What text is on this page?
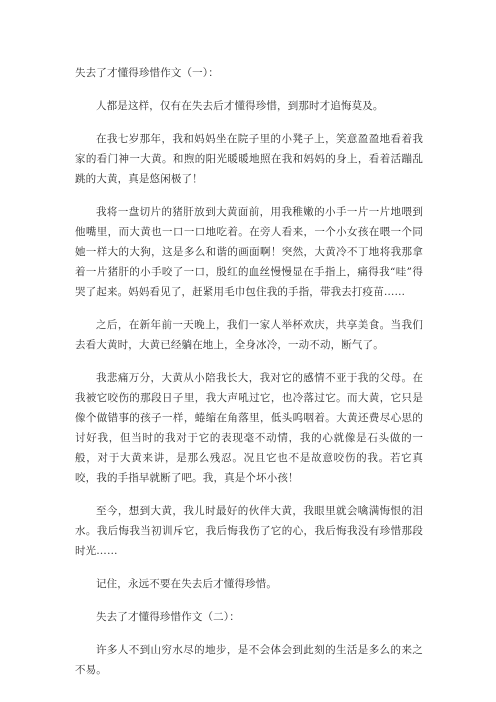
失去了才懂得珍惜作文（一）：

人都是这样，仅有在失去后才懂得珍惜，到那时才追悔莫及。

在我七岁那年，我和妈妈坐在院子里的小凳子上，笑意盈盈地看着我家的看门神一大黄。和煦的阳光暖暖地照在我和妈妈的身上，看着活蹦乱跳的大黄，真是悠闲极了！

我将一盘切片的猪肝放到大黄面前，用我稚嫩的小手一片一片地喂到他嘴里，而大黄也一口一口地吃着。在旁人看来，一个小女孩在喂一个同她一样大的大狗，这是多么和谐的画面啊！突然，大黄冷不丁地将我那拿着一片猪肝的小手咬了一口，殷红的血丝慢慢显在手指上，痛得我“哇”得哭了起来。妈妈看见了，赶紧用毛巾包住我的手指，带我去打疫苗……

之后，在新年前一天晚上，我们一家人举杯欢庆，共享美食。当我们去看大黄时，大黄已经躺在地上，全身冰冷，一动不动，断气了。

我悲痛万分，大黄从小陪我长大，我对它的感情不亚于我的父母。在我被它咬伤的那段日子里，我大声吼过它，也冷落过它。而大黄，它只是像个做错事的孩子一样，蜷缩在角落里，低头呜咽着。大黄还费尽心思的讨好我，但当时的我对于它的表现毫不动情，我的心就像是石头做的一般，对于大黄来讲，是那么残忍。况且它也不是故意咬伤的我。若它真咬，我的手指早就断了吧。我，真是个坏小孩！

至今，想到大黄，我儿时最好的伙伴大黄，我眼里就会噙满悔恨的泪水。我后悔我当初训斥它，我后悔我伤了它的心，我后悔我没有珍惜那段时光……

记住，永远不要在失去后才懂得珍惜。

失去了才懂得珍惜作文（二）：

许多人不到山穷水尽的地步，是不会体会到此刻的生活是多么的来之不易。
